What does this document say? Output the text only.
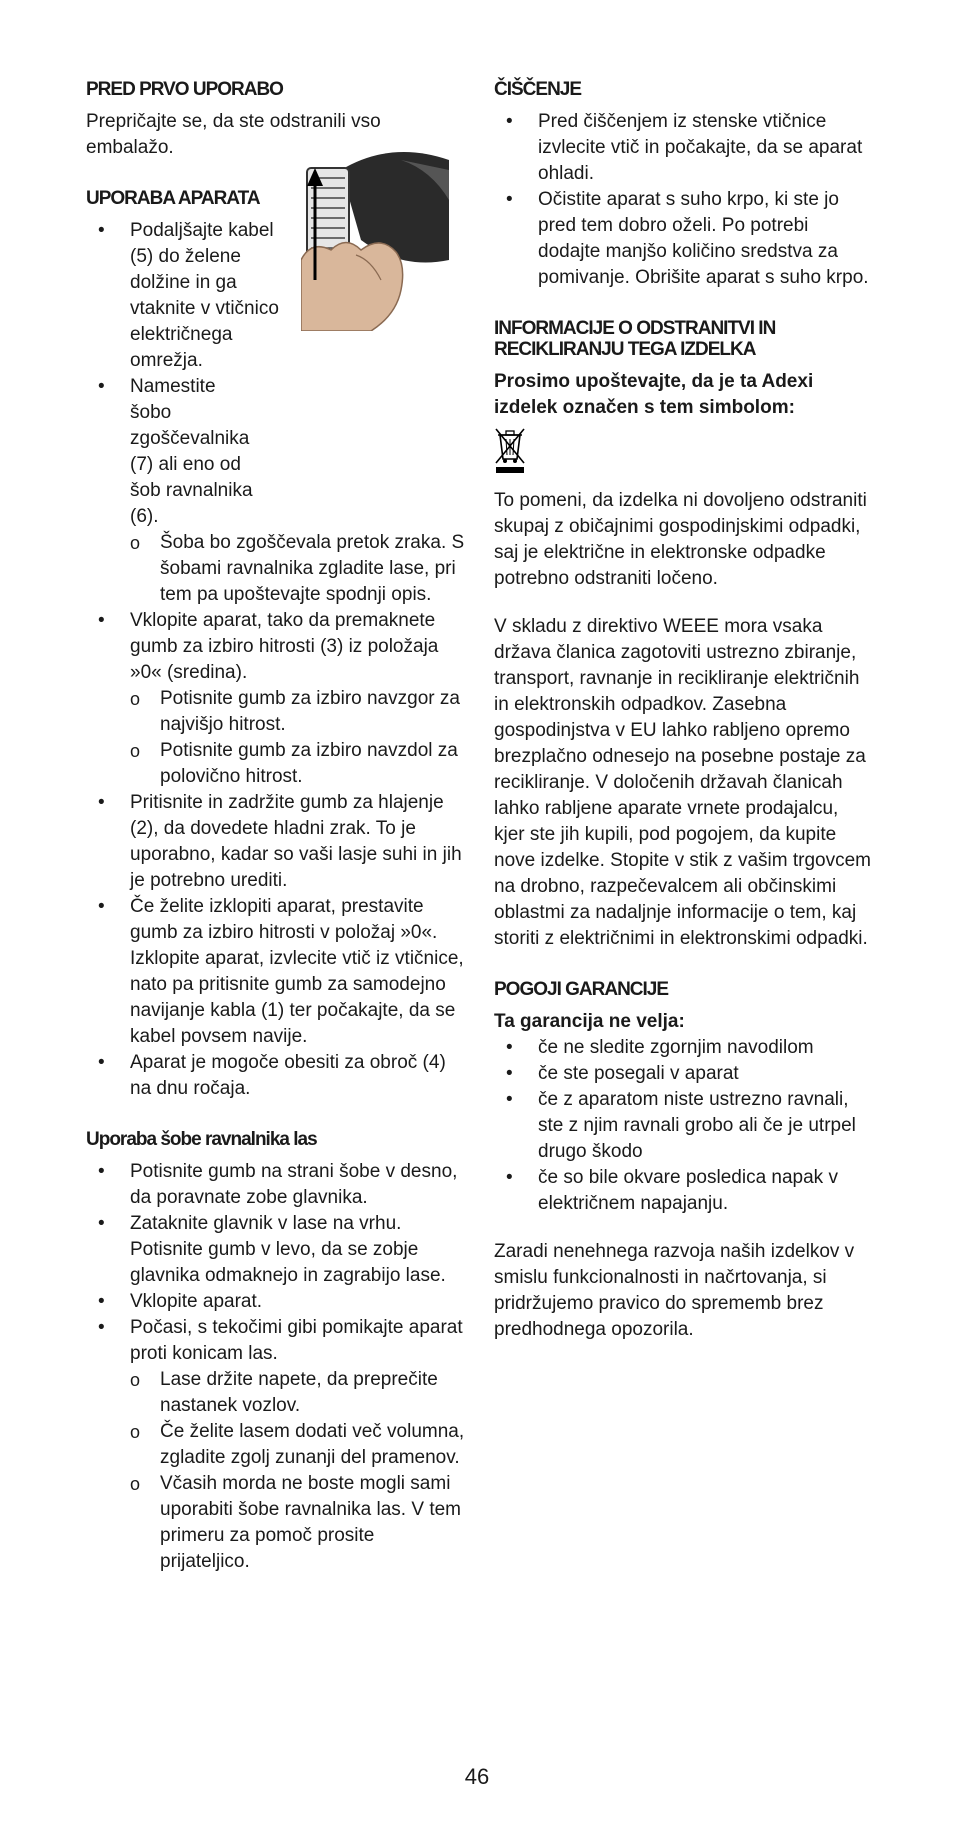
PRED PRVO UPORABO

Prepričajte se, da ste odstranili vso embalažo.

UPORABA APARATA
• Podaljšajte kabel (5) do želene dolžine in ga vtaknite v vtičnico električnega omrežja.
• Namestite šobo zgoščevalnika (7) ali eno od šob ravnalnika (6).
o Šoba bo zgoščevala pretok zraka. S šobami ravnalnika zgladite lase, pri tem pa upoštevajte spodnji opis.
• Vklopite aparat, tako da premaknete gumb za izbiro hitrosti (3) iz položaja »0« (sredina).
o Potisnite gumb za izbiro navzgor za najvišjo hitrost.
o Potisnite gumb za izbiro navzdol za polovično hitrost.
• Pritisnite in zadržite gumb za hlajenje (2), da dovedete hladni zrak. To je uporabno, kadar so vaši lasje suhi in jih je potrebno urediti.
• Če želite izklopiti aparat, prestavite gumb za izbiro hitrosti v položaj »0«. Izklopite aparat, izvlecite vtič iz vtičnice, nato pa pritisnite gumb za samodejno navijanje kabla (1) ter počakajte, da se kabel povsem navije.
• Aparat je mogoče obesiti za obroč (4) na dnu ročaja.
Uporaba šobe ravnalnika las
• Potisnite gumb na strani šobe v desno, da poravnate zobe glavnika.
• Zataknite glavnik v lase na vrhu. Potisnite gumb v levo, da se zobje glavnika odmaknejo in zagrabijo lase.
• Vklopite aparat.
• Počasi, s tekočimi gibi pomikajte aparat proti konicam las.
o Lase držite napete, da preprečite nastanek vozlov.
o Če želite lasem dodati več volumna, zgladite zgolj zunanji del pramenov.
o Včasih morda ne boste mogli sami uporabiti šobe ravnalnika las. V tem primeru za pomoč prosite prijateljico.
ČIŠČENJE
• Pred čiščenjem iz stenske vtičnice izvlecite vtič in počakajte, da se aparat ohladi.
• Očistite aparat s suho krpo, ki ste jo pred tem dobro oželi. Po potrebi dodajte manjšo količino sredstva za pomivanje. Obrišite aparat s suho krpo.
INFORMACIJE O ODSTRANITVI IN
RECIKLIRANJU TEGA IZDELKA

Prosimo upoštevajte, da je ta Adexi izdelek označen s tem simbolom:

To pomeni, da izdelka ni dovoljeno odstraniti skupaj z običajnimi gospodinjskimi odpadki, saj je električne in elektronske odpadke potrebno odstraniti ločeno.

V skladu z direktivo WEEE mora vsaka država članica zagotoviti ustrezno zbiranje, transport, ravnanje in recikliranje električnih in elektronskih odpadkov. Zasebna gospodinjstva v EU lahko rabljeno opremo brezplačno odnesejo na posebne postaje za recikliranje. V določenih državah članicah lahko rabljene aparate vrnete prodajalcu, kjer ste jih kupili, pod pogojem, da kupite nove izdelke. Stopite v stik z vašim trgovcem na drobno, razpečevalcem ali občinskimi oblastmi za nadaljnje informacije o tem, kaj storiti z električnimi in elektronskimi odpadki.

POGOJI GARANCIJE

Ta garancija ne velja:

• če ne sledite zgornjim navodilom
• če ste posegali v aparat
• če z aparatom niste ustrezno ravnali, ste z njim ravnali grobo ali če je utrpel drugo škodo
• če so bile okvare posledica napak v električnem napajanju.

Zaradi nenehnega razvoja naših izdelkov v smislu funkcionalnosti in načrtovanja, si pridržujemo pravico do sprememb brez predhodnega opozorila.

46
